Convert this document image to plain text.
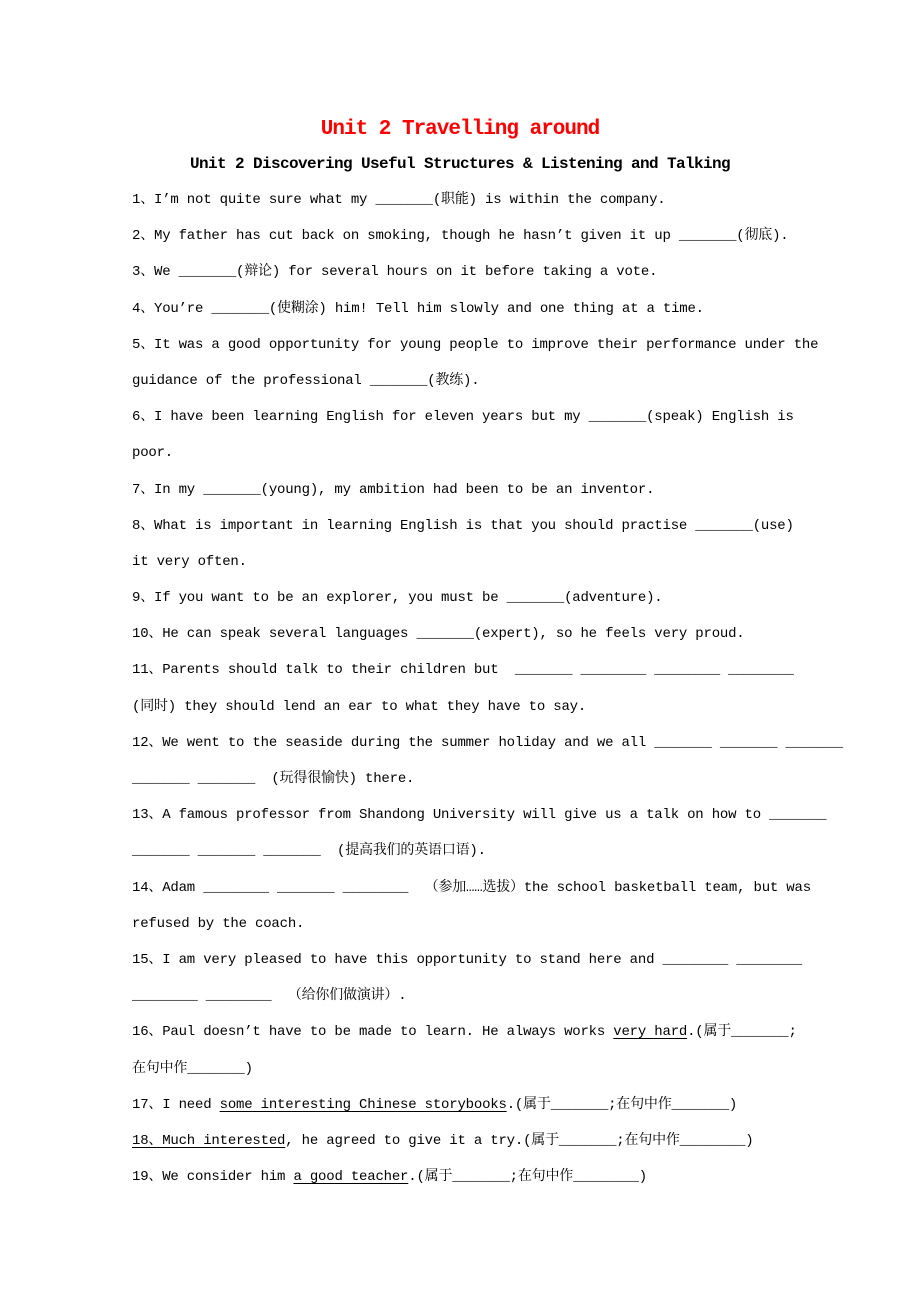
Unit 2 Travelling around
Unit 2 Discovering Useful Structures & Listening and Talking
1、I’m not quite sure what my _______(职能) is within the company.
2、My father has cut back on smoking, though he hasn’t given it up _______(彻底).
3、We _______(辩论) for several hours on it before taking a vote.
4、You’re _______(使糊涂) him! Tell him slowly and one thing at a time.
5、It was a good opportunity for young people to improve their performance under the
guidance of the professional _______(教练).
6、I have been learning English for eleven years but my _______(speak) English is
poor.
7、In my _______(young), my ambition had been to be an inventor.
8、What is important in learning English is that you should practise _______(use)
it very often.
9、If you want to be an explorer, you must be _______(adventure).
10、He can speak several languages _______(expert), so he feels very proud.
11、Parents should talk to their children but  _______ ________ ________ ________
(同时) they should lend an ear to what they have to say.
12、We went to the seaside during the summer holiday and we all _______ _______ _______
_______ _______  (玩得很愉快) there.
13、A famous professor from Shandong University will give us a talk on how to _______
_______ _______ _______  (提高我们的英语口语).
14、Adam ________ _______ ________  （参加……选拔）the school basketball team, but was
refused by the coach.
15、I am very pleased to have this opportunity to stand here and ________ ________
________ ________  （给你们做演讲）.
16、Paul doesn’t have to be made to learn. He always works very hard.(属于_______;
在句中作_______)
17、I need some interesting Chinese storybooks.(属于_______;在句中作_______)
18、Much interested, he agreed to give it a try.(属于_______;在句中作________)
19、We consider him a good teacher.(属于_______;在句中作________)
